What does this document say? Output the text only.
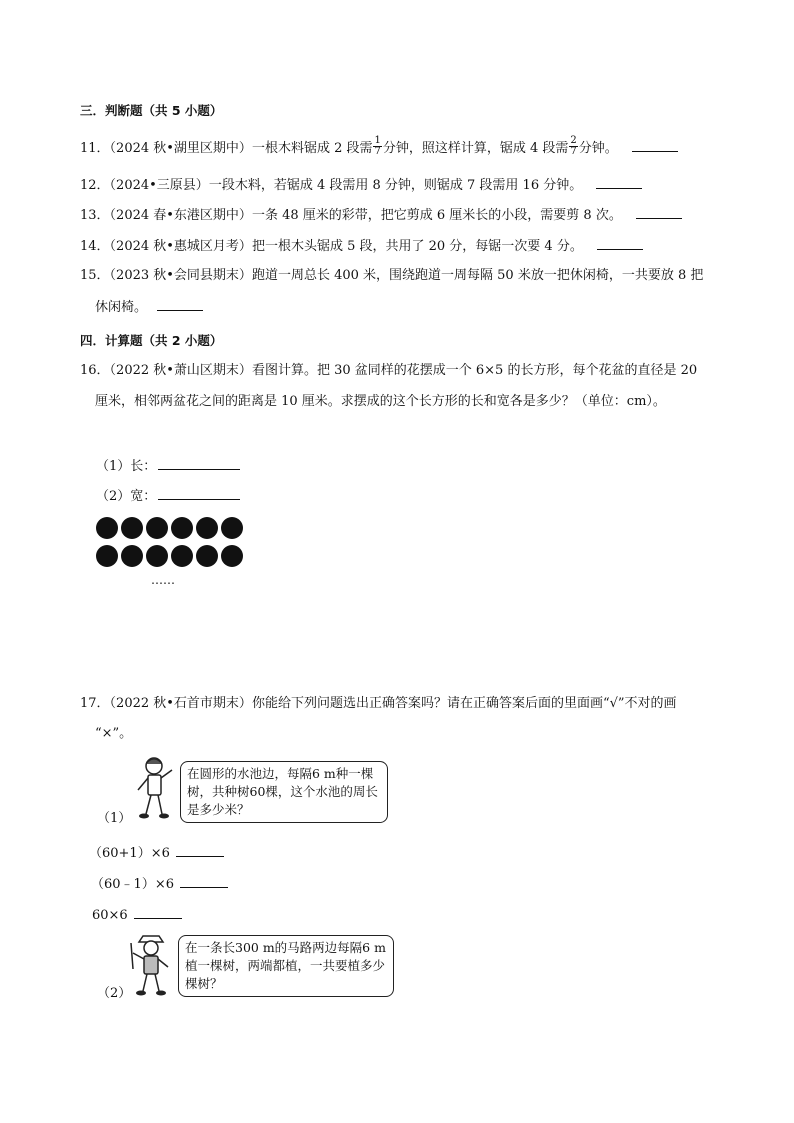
三．判断题（共 5 小题）
11．（2024 秋•湖里区期中）一根木料锯成 2 段需 $\frac{1}{7}$ 分钟，照这样计算，锯成 4 段需 $\frac{2}{7}$ 分钟。
12．（2024•三原县）一段木料，若锯成 4 段需用 8 分钟，则锯成 7 段需用 16 分钟。
13．（2024 春•东港区期中）一条 48 厘米的彩带，把它剪成 6 厘米长的小段，需要剪 8 次。
14．（2024 秋•惠城区月考）把一根木头锯成 5 段，共用了 20 分，每锯一次要 4 分。
15．（2023 秋•会同县期末）跑道一周总长 400 米，围绕跑道一周每隔 50 米放一把休闲椅，一共要放 8 把
休闲椅。
四．计算题（共 2 小题）
16．（2022 秋•萧山区期末）看图计算。把 30 盆同样的花摆成一个 6×5 的长方形，每个花盆的直径是 20
厘米，相邻两盆花之间的距离是 10 厘米。求摆成的这个长方形的长和宽各是多少？（单位：cm）。
（1）长：
（2）宽：
……
17．（2022 秋•石首市期末）你能给下列问题选出正确答案吗？请在正确答案后面的里面画“√”不对的画
“×”。
在圆形的水池边，每隔6 m种一棵树，共种树60棵，这个水池的周长是多少米？
（1）
（60+1）×6
（60﹣1）×6
60×6
在一条长300 m的马路两边每隔6 m植一棵树，两端都植，一共要植多少棵树？
（2）
